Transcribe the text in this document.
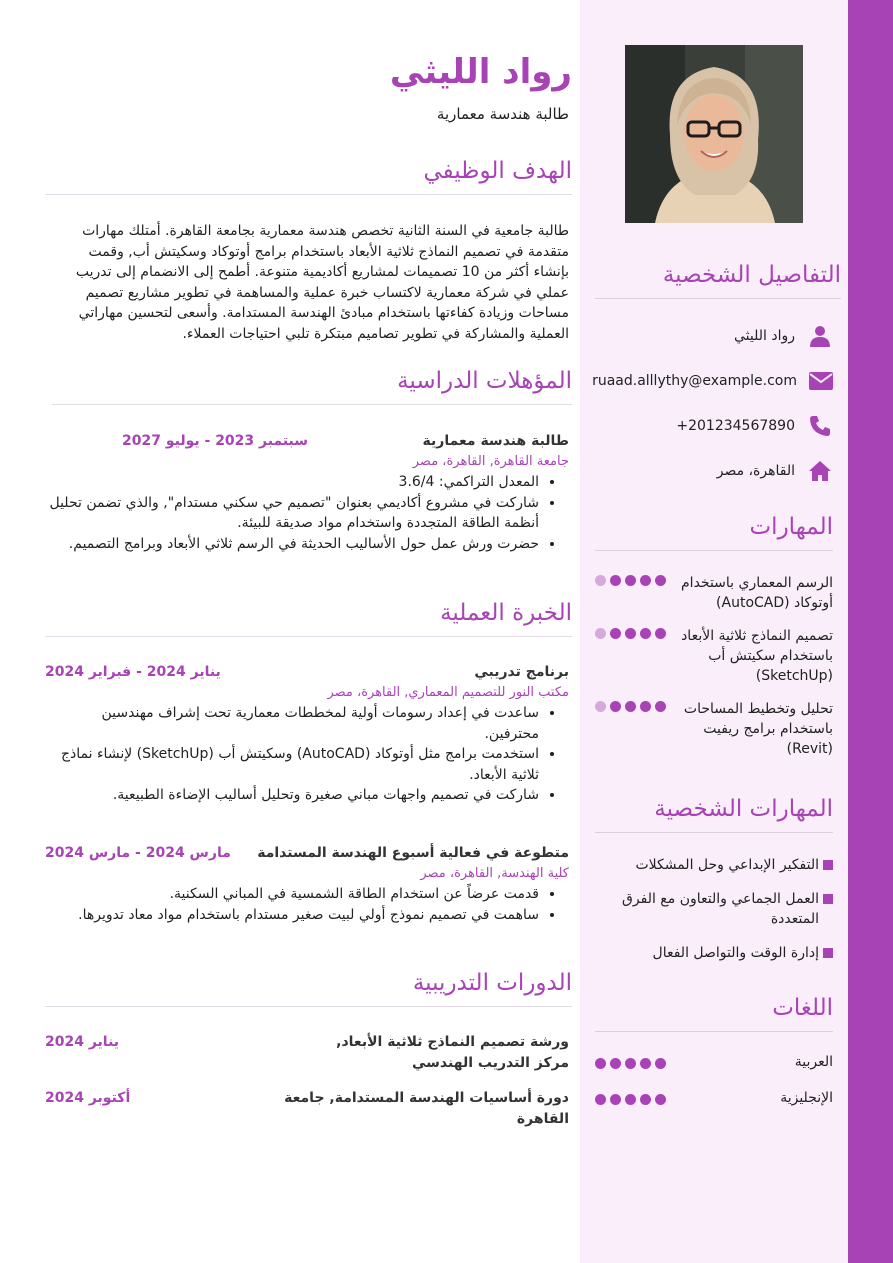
التفاصيل الشخصية
رواد الليثي
ruaad.alllythy@example.com
+201234567890
القاهرة، مصر
المهارات
الرسم المعماري باستخدام أوتوكاد (AutoCAD)
تصميم النماذج ثلاثية الأبعاد باستخدام سكيتش أب (SketchUp)
تحليل وتخطيط المساحات باستخدام برامج ريفيت (Revit)
المهارات الشخصية
التفكير الإبداعي وحل المشكلات
العمل الجماعي والتعاون مع الفرق المتعددة
إدارة الوقت والتواصل الفعال
اللغات
العربية
الإنجليزية
رواد الليثي
طالبة هندسة معمارية
الهدف الوظيفي

طالبة جامعية في السنة الثانية تخصص هندسة معمارية بجامعة القاهرة. أمتلك مهارات متقدمة في تصميم النماذج ثلاثية الأبعاد باستخدام برامج أوتوكاد وسكيتش أب, وقمت بإنشاء أكثر من 10 تصميمات لمشاريع أكاديمية متنوعة. أطمح إلى الانضمام إلى تدريب عملي في شركة معمارية لاكتساب خبرة عملية والمساهمة في تطوير مشاريع تصميم مساحات وزيادة كفاءتها باستخدام مبادئ الهندسة المستدامة. وأسعى لتحسين مهاراتي العملية والمشاركة في تطوير تصاميم مبتكرة تلبي احتياجات العملاء.

المؤهلات الدراسية
طالبة هندسة معمارية
سبتمبر 2023 - يوليو 2027
جامعة القاهرة, القاهرة، مصر
• المعدل التراكمي: 3.6/4
• شاركت في مشروع أكاديمي بعنوان "تصميم حي سكني مستدام", والذي تضمن تحليل أنظمة الطاقة المتجددة واستخدام مواد صديقة للبيئة.
• حضرت ورش عمل حول الأساليب الحديثة في الرسم ثلاثي الأبعاد وبرامج التصميم.
الخبرة العملية
برنامج تدريبي
يناير 2024 - فبراير 2024
مكتب النور للتصميم المعماري, القاهرة، مصر
• ساعدت في إعداد رسومات أولية لمخططات معمارية تحت إشراف مهندسين محترفين.
• استخدمت برامج مثل أوتوكاد (AutoCAD) وسكيتش أب (SketchUp) لإنشاء نماذج ثلاثية الأبعاد.
• شاركت في تصميم واجهات مباني صغيرة وتحليل أساليب الإضاءة الطبيعية.
متطوعة في فعالية أسبوع الهندسة المستدامة
مارس 2024 - مارس 2024
كلية الهندسة, القاهرة، مصر
• قدمت عرضاً عن استخدام الطاقة الشمسية في المباني السكنية.
• ساهمت في تصميم نموذج أولي لبيت صغير مستدام باستخدام مواد معاد تدويرها.
الدورات التدريبية
ورشة تصميم النماذج ثلاثية الأبعاد, مركز التدريب الهندسي
يناير 2024
دورة أساسيات الهندسة المستدامة, جامعة القاهرة
أكتوبر 2024
